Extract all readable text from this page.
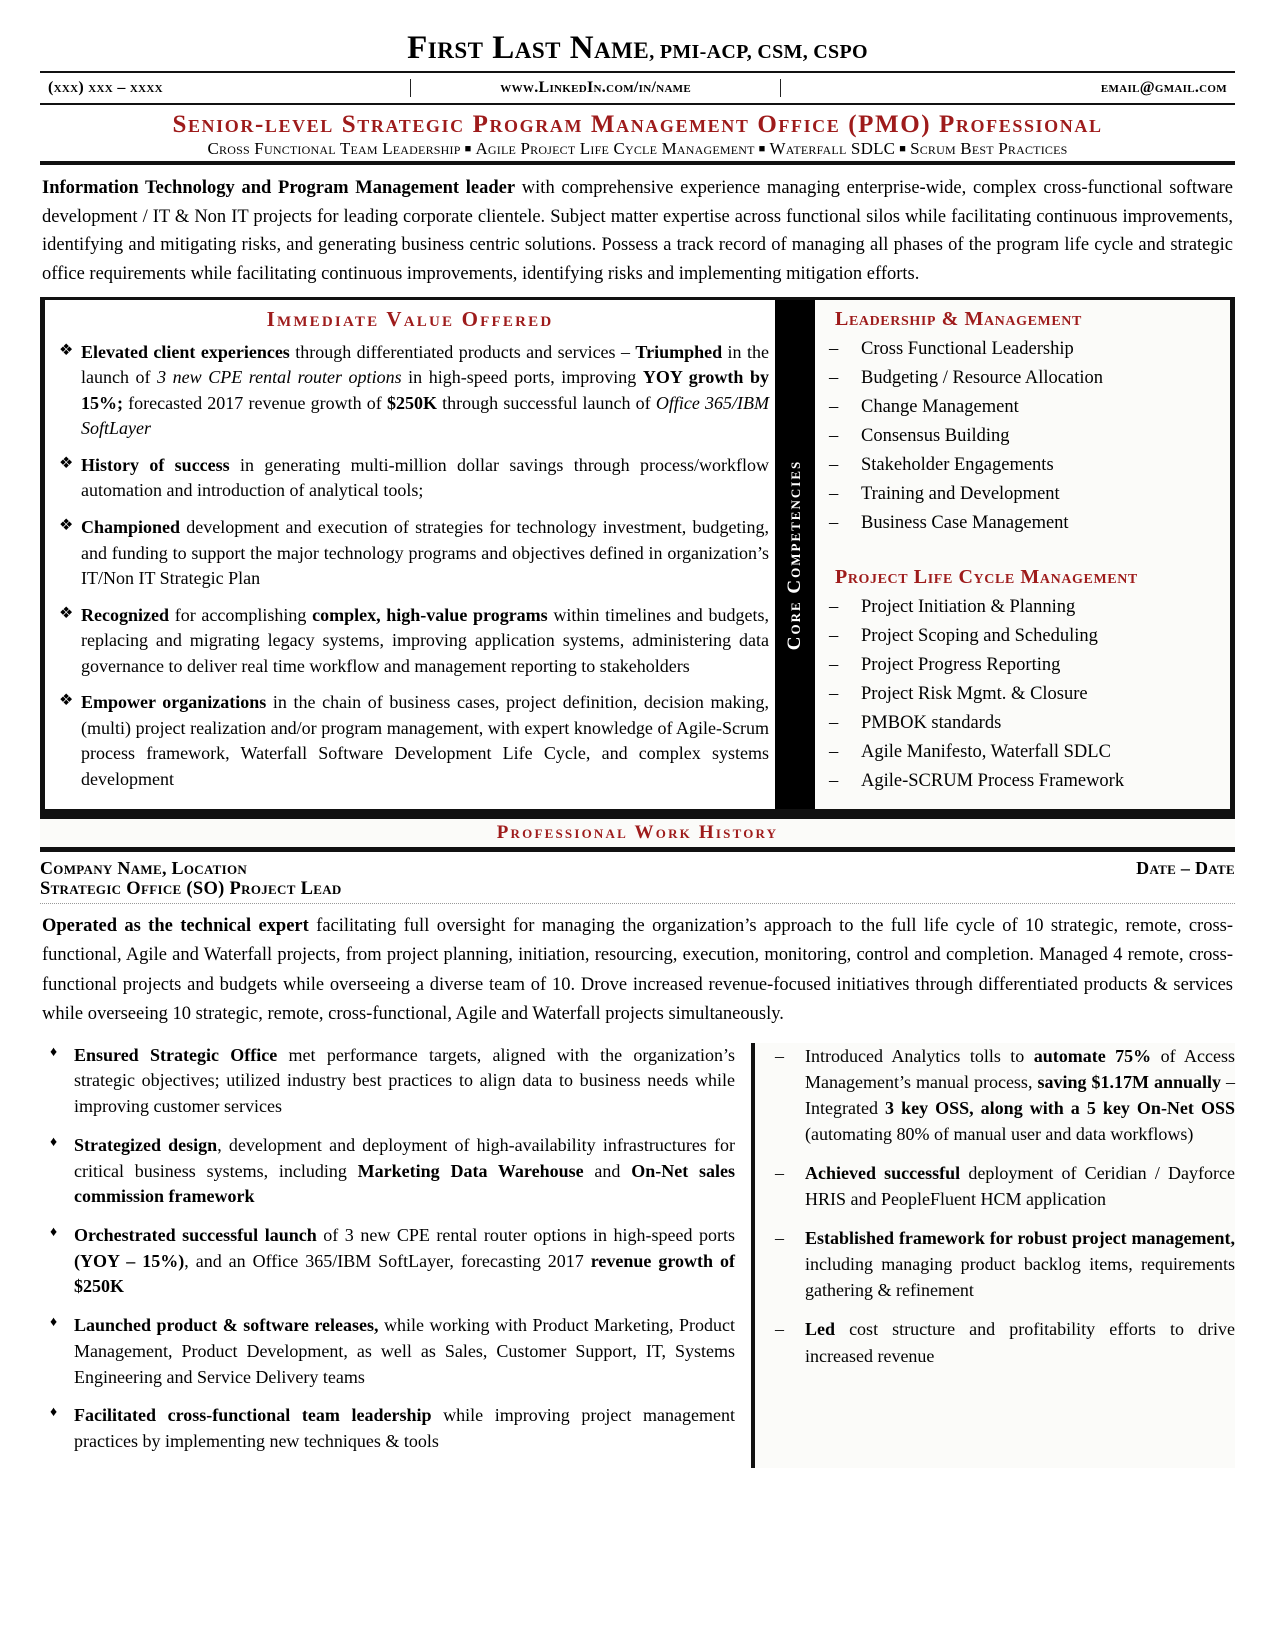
First Last Name, PMI-ACP, CSM, CSPO
(xxx) xxx – xxxx	www.LinkedIn.com/in/name	email@gmail.com
Senior-level Strategic Program Management Office (PMO) Professional
Cross Functional Team Leadership ■ Agile Project Life Cycle Management ■ Waterfall SDLC ■ Scrum Best Practices
Information Technology and Program Management leader with comprehensive experience managing enterprise-wide, complex cross-functional software development / IT & Non IT projects for leading corporate clientele. Subject matter expertise across functional silos while facilitating continuous improvements, identifying and mitigating risks, and generating business centric solutions. Possess a track record of managing all phases of the program life cycle and strategic office requirements while facilitating continuous improvements, identifying risks and implementing mitigation efforts.
Immediate Value Offered
❖ Elevated client experiences through differentiated products and services – Triumphed in the launch of 3 new CPE rental router options in high-speed ports, improving YOY growth by 15%; forecasted 2017 revenue growth of $250K through successful launch of Office 365/IBM SoftLayer
❖ History of success in generating multi-million dollar savings through process/workflow automation and introduction of analytical tools;
❖ Championed development and execution of strategies for technology investment, budgeting, and funding to support the major technology programs and objectives defined in organization’s IT/Non IT Strategic Plan
❖ Recognized for accomplishing complex, high-value programs within timelines and budgets, replacing and migrating legacy systems, improving application systems, administering data governance to deliver real time workflow and management reporting to stakeholders
❖ Empower organizations in the chain of business cases, project definition, decision making, (multi) project realization and/or program management, with expert knowledge of Agile-Scrum process framework, Waterfall Software Development Life Cycle, and complex systems development
Core Competencies
Leadership & Management
–	Cross Functional Leadership
–	Budgeting / Resource Allocation
–	Change Management
–	Consensus Building
–	Stakeholder Engagements
–	Training and Development
–	Business Case Management
Project Life Cycle Management
–	Project Initiation & Planning
–	Project Scoping and Scheduling
–	Project Progress Reporting
–	Project Risk Mgmt. & Closure
–	PMBOK standards
–	Agile Manifesto, Waterfall SDLC
–	Agile-SCRUM Process Framework
Professional Work History
Company Name, Location	Date – Date
Strategic Office (SO) Project Lead
Operated as the technical expert facilitating full oversight for managing the organization’s approach to the full life cycle of 10 strategic, remote, cross-functional, Agile and Waterfall projects, from project planning, initiation, resourcing, execution, monitoring, control and completion. Managed 4 remote, cross-functional projects and budgets while overseeing a diverse team of 10. Drove increased revenue-focused initiatives through differentiated products & services while overseeing 10 strategic, remote, cross-functional, Agile and Waterfall projects simultaneously.
♦ Ensured Strategic Office met performance targets, aligned with the organization’s strategic objectives; utilized industry best practices to align data to business needs while improving customer services
♦ Strategized design, development and deployment of high-availability infrastructures for critical business systems, including Marketing Data Warehouse and On-Net sales commission framework
♦ Orchestrated successful launch of 3 new CPE rental router options in high-speed ports (YOY – 15%), and an Office 365/IBM SoftLayer, forecasting 2017 revenue growth of $250K
♦ Launched product & software releases, while working with Product Marketing, Product Management, Product Development, as well as Sales, Customer Support, IT, Systems Engineering and Service Delivery teams
♦ Facilitated cross-functional team leadership while improving project management practices by implementing new techniques & tools
–	Introduced Analytics tolls to automate 75% of Access Management’s manual process, saving $1.17M annually – Integrated 3 key OSS, along with a 5 key On-Net OSS (automating 80% of manual user and data workflows)
–	Achieved successful deployment of Ceridian / Dayforce HRIS and PeopleFluent HCM application
–	Established framework for robust project management, including managing product backlog items, requirements gathering & refinement
–	Led cost structure and profitability efforts to drive increased revenue
